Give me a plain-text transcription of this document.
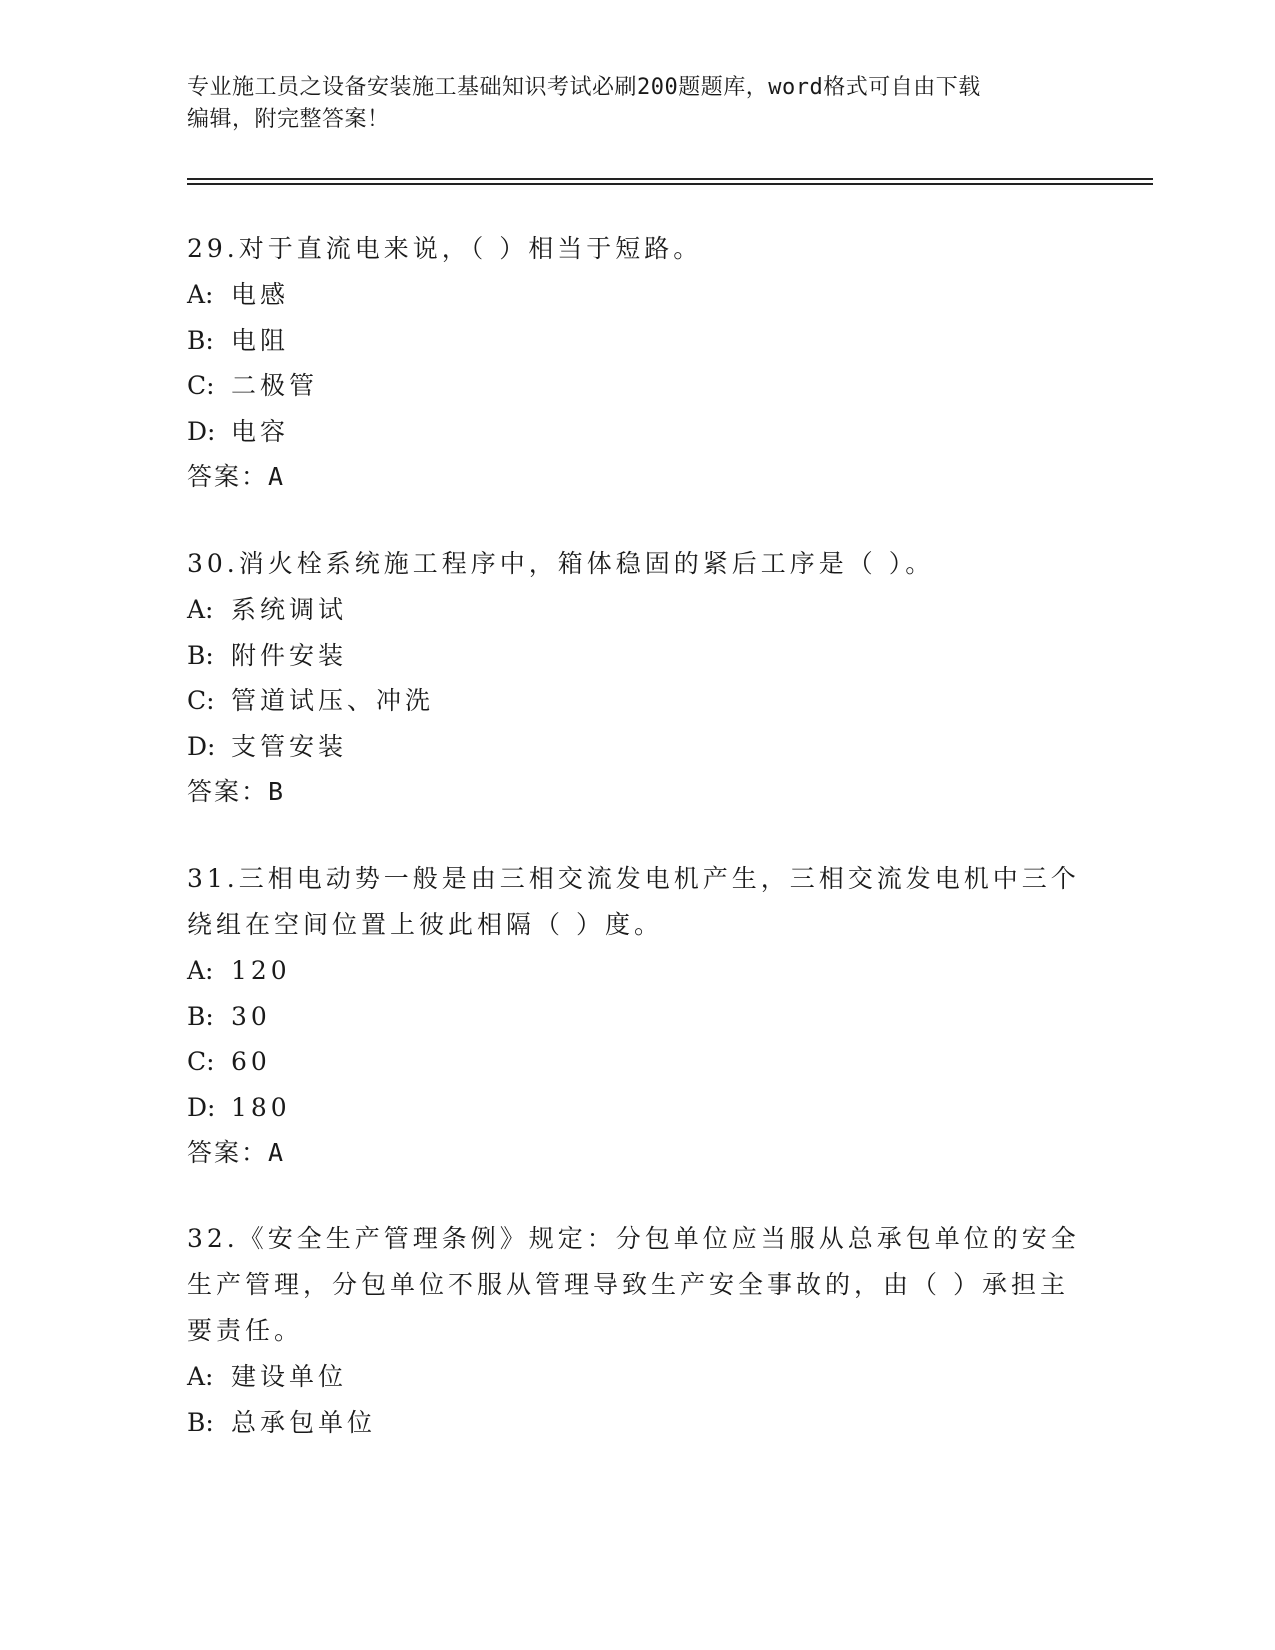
专业施工员之设备安装施工基础知识考试必刷200题题库，word格式可自由下载
编辑，附完整答案！
29.对于直流电来说，（ ）相当于短路。
A: 电感
B: 电阻
C: 二极管
D: 电容
答案：A
30.消火栓系统施工程序中，箱体稳固的紧后工序是（ ）。
A: 系统调试
B: 附件安装
C: 管道试压、冲洗
D: 支管安装
答案：B
31.三相电动势一般是由三相交流发电机产生，三相交流发电机中三个
绕组在空间位置上彼此相隔（ ）度。
A: 120
B: 30
C: 60
D: 180
答案：A
32.《安全生产管理条例》规定：分包单位应当服从总承包单位的安全
生产管理，分包单位不服从管理导致生产安全事故的，由（ ）承担主
要责任。
A: 建设单位
B: 总承包单位
